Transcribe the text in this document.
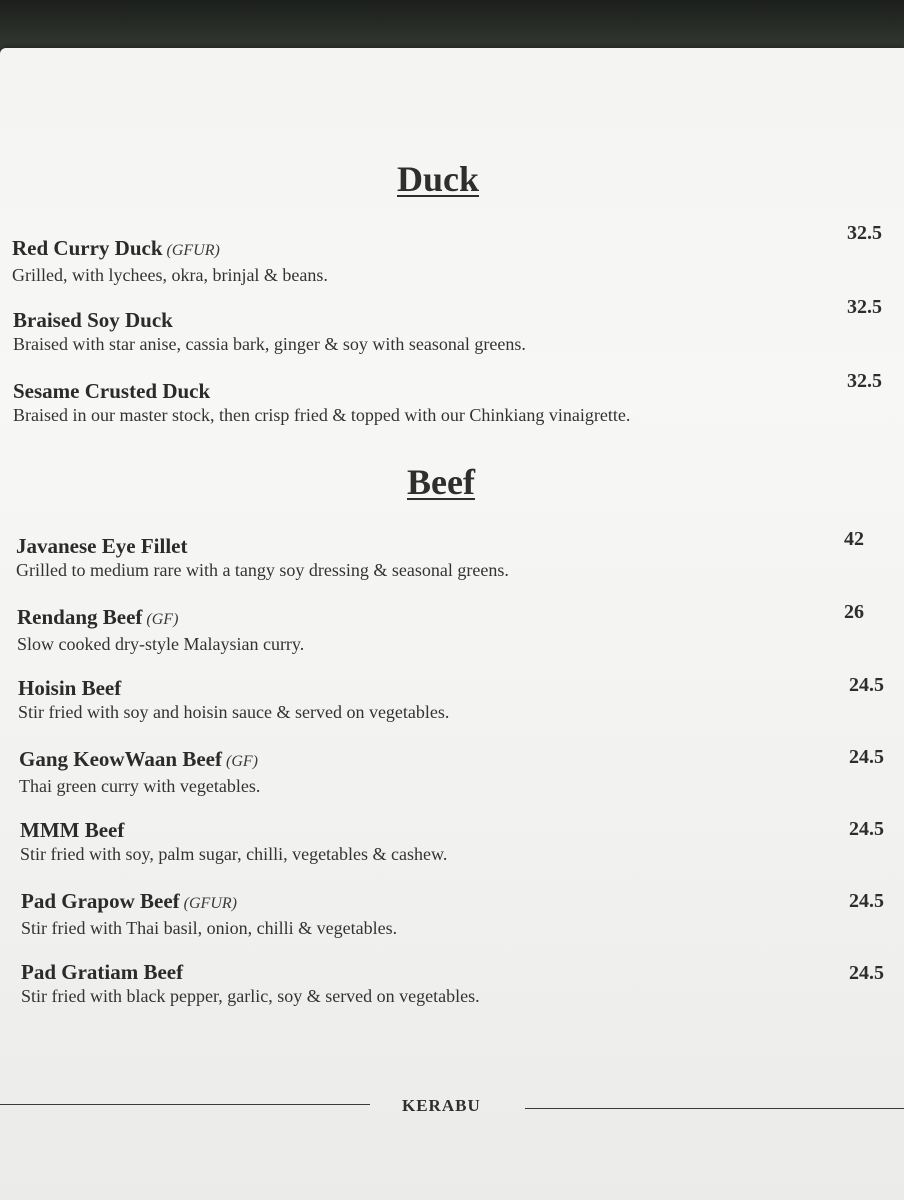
Duck
Red Curry Duck (GFUR)
Grilled, with lychees, okra, brinjal & beans.
32.5
Braised Soy Duck
Braised with star anise, cassia bark, ginger & soy with seasonal greens.
32.5
Sesame Crusted Duck
Braised in our master stock, then crisp fried & topped with our Chinkiang vinaigrette.
32.5
Beef
Javanese Eye Fillet
Grilled to medium rare with a tangy soy dressing & seasonal greens.
42
Rendang Beef (GF)
Slow cooked dry-style Malaysian curry.
26
Hoisin Beef
Stir fried with soy and hoisin sauce & served on vegetables.
24.5
Gang KeowWaan Beef (GF)
Thai green curry with vegetables.
24.5
MMM Beef
Stir fried with soy, palm sugar, chilli, vegetables & cashew.
24.5
Pad Grapow Beef (GFUR)
Stir fried with Thai basil, onion, chilli & vegetables.
24.5
Pad Gratiam Beef
Stir fried with black pepper, garlic, soy & served on vegetables.
24.5
KERABU
